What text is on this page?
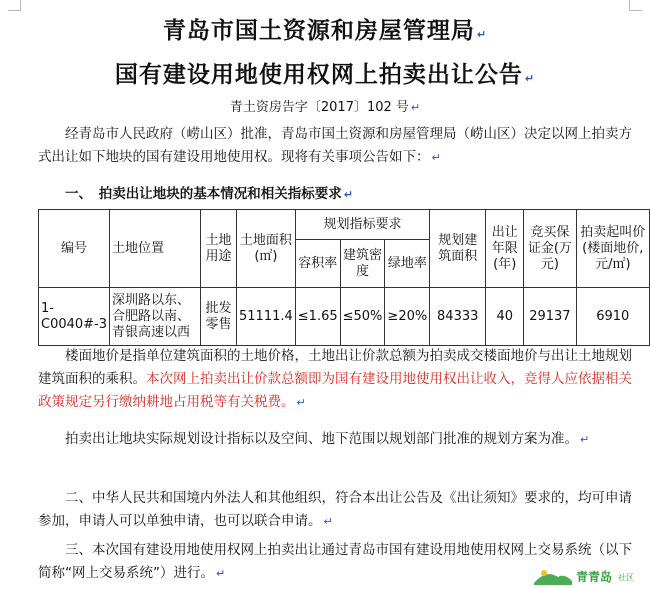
青岛市国土资源和房屋管理局 ↵
国有建设用地使用权网上拍卖出让公告 ↵
青土资房告字〔2017〕102 号 ↵
经青岛市人民政府（崂山区）批准，青岛市国土资源和房屋管理局（崂山区）决定以网上拍卖方式出让如下地块的国有建设用地使用权。现将有关事项公告如下： ↵
一、　拍卖出让地块的基本情况和相关指标要求 ↵
编号	土地位置	土地用途	土地面积(㎡)	规划指标要求			规划建筑面积	出让年限(年)	竞买保证金(万元)	拍卖起叫价(楼面地价,元/㎡)
				容积率	建筑密度	绿地率				
1-C0040#-3	深圳路以东、合肥路以南、青银高速以西	批发零售	51111.4	≤1.65	≤50%	≥20%	84333	40	29137	6910
楼面地价是指单位建筑面积的土地价格，土地出让价款总额为拍卖成交楼面地价与出让土地规划建筑面积的乘积。本次网上拍卖出让价款总额即为国有建设用地使用权出让收入，竞得人应依据相关政策规定另行缴纳耕地占用税等有关税费。 ↵
拍卖出让地块实际规划设计指标以及空间、地下范围以规划部门批准的规划方案为准。 ↵
二、中华人民共和国境内外法人和其他组织，符合本出让公告及《出让须知》要求的，均可申请参加，申请人可以单独申请，也可以联合申请。 ↵
三、本次国有建设用地使用权网上拍卖出让通过青岛市国有建设用地使用权网上交易系统（以下简称“网上交易系统”）进行。 ↵	青青岛 社区
